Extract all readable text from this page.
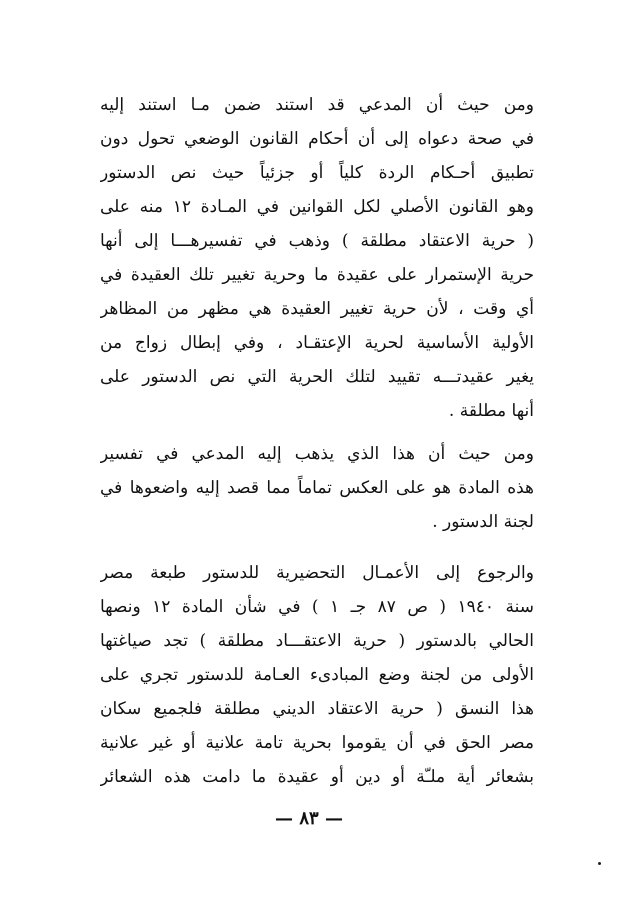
ومن حيث أن المدعي قد استند ضمن مـا استند إليه
في صحة دعواه إلى أن أحكام القانون الوضعي تحول دون
تطبيق أحـكام الردة كلياً أو جزئياً حيث نص الدستور
وهو القانون الأصلي لكل القوانين في المـادة ١٢ منه على
( حرية الاعتقاد مطلقة ) وذهب في تفسيرهـــا إلى أنها
حرية الإستمرار على عقيدة ما وحرية تغيير تلك العقيدة في
أي وقت ، لأن حرية تغيير العقيدة هي مظهر من المظاهر
الأولية الأساسية لحرية الإعتقـاد ، وفي إبطال زواج من
يغير عقيدتـــه تقييد لتلك الحرية التي نص الدستور على
أنها مطلقة .
ومن حيث أن هذا الذي يذهب إليه المدعي في تفسير
هذه المادة هو على العكس تماماً مما قصد إليه واضعوها في
لجنة الدستور .
والرجوع إلى الأعمـال التحضيرية للدستور طبعة مصر
سنة ١٩٤٠ ( ص ٨٧ جـ ١ ) في شأن المادة ١٢ ونصها
الحالي بالدستور ( حرية الاعتقـــاد مطلقة ) تجد صياغتها
الأولى من لجنة وضع المبادىء العـامة للدستور تجري على
هذا النسق ( حرية الاعتقاد الديني مطلقة فلجميع سكان
مصر الحق في أن يقوموا بحرية تامة علانية أو غير علانية
بشعائر أية ملـّة أو دين أو عقيدة ما دامت هذه الشعائر
— ٨٣ —
